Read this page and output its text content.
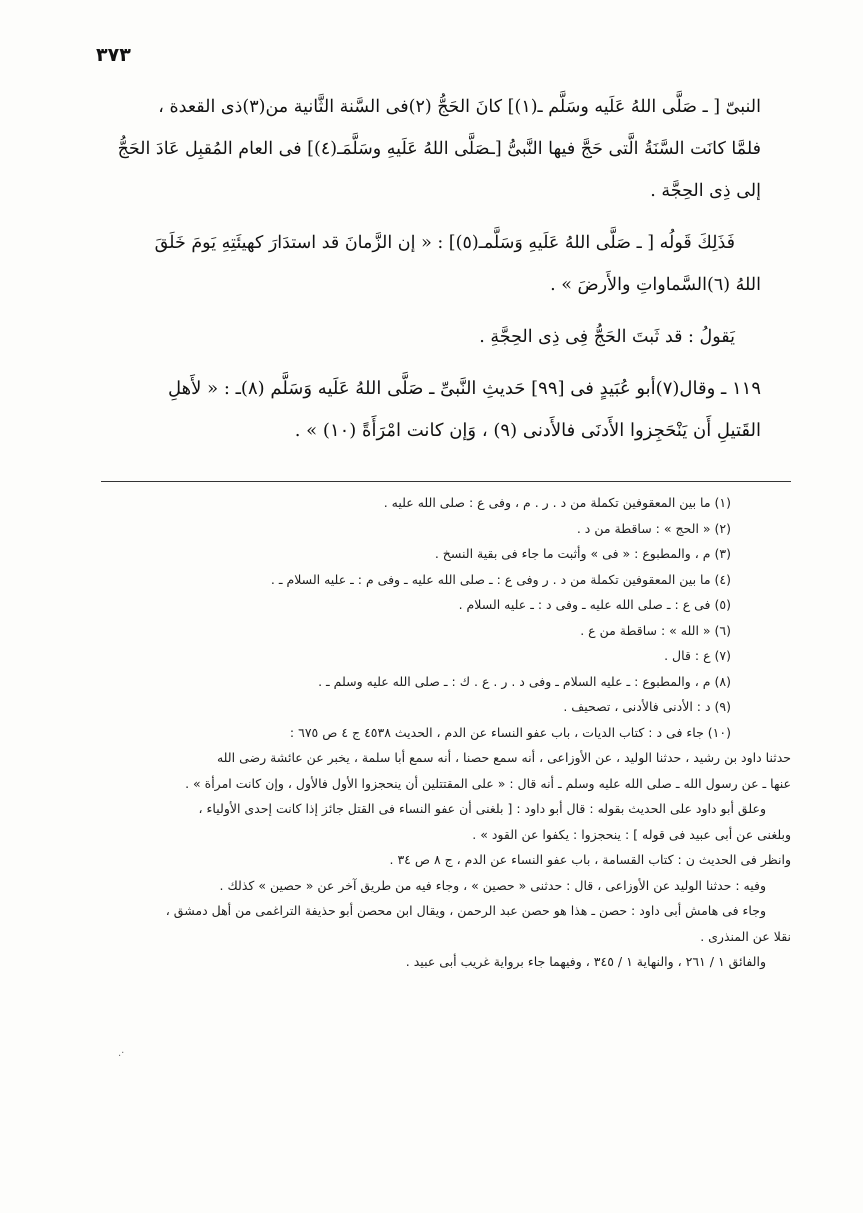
٣٧٣

النبىّ [ ـ صَلَّى اللهُ عَلَيه وسَلَّم ـ(١)] كانَ الحَجُّ (٢)فى السَّنة الثَّانية من(٣)ذى القعدة ،
فلمَّا كانَت السَّنَةُ الَّتى حَجَّ فيها النَّبىُّ [ـصَلَّى اللهُ عَلَيهِ وسَلَّمَـ(٤)] فى العام المُقبِل عَادَ الحَجُّ
إلى ذِى الحِجَّة .

فَذَلِكَ قَولُه [ ـ صَلَّى اللهُ عَلَيهِ وَسَلَّمـ(٥)] : « إن الزَّمانَ قد استدَارَ كهيئَتِهِ يَومَ خَلَقَ
اللهُ (٦)السَّماواتِ والأَرضَ » .

يَقولُ : قد ثَبتَ الحَجُّ فِى ذِى الحِجَّةِ .

١١٩ ـ وقال(٧)أبو عُبَيدٍ فى [٩٩] حَديثِ النَّبىِّ ـ صَلَّى اللهُ عَلَيه وَسَلَّم (٨)ـ : « لأَهلِ
القَتيلِ أَن يَنْحَجِزوا الأَدنَى فالأَدنى (٩) ، وَإن كانت امْرَأَةً (١٠) » .

(١) ما بين المعقوفين تكملة من د . ر . م ، وفى ع : صلى الله عليه .

(٢) « الحج » : ساقطة من د .

(٣) م ، والمطبوع : « فى » وأثبت ما جاء فى بقية النسخ .

(٤) ما بين المعقوفين تكملة من د . ر وفى ع : ـ صلى الله عليه ـ وفى م : ـ عليه السلام ـ .

(٥) فى ع : ـ صلى الله عليه ـ وفى د : ـ عليه السلام .

(٦) « الله » : ساقطة من ع .

(٧) ع : قال .

(٨) م ، والمطبوع : ـ عليه السلام ـ وفى د . ر . ع . ك : ـ صلى الله عليه وسلم ـ .

(٩) د : الأدنى فالأدنى ، تصحيف .

(١٠) جاء فى د : كتاب الديات ، باب عفو النساء عن الدم ، الحديث ٤٥٣٨ ج ٤ ص ٦٧٥ :

حدثنا داود بن رشيد ، حدثنا الوليد ، عن الأوزاعى ، أنه سمع حصنا ، أنه سمع أبا سلمة ، يخبر عن عائشة رضى الله

عنها ـ عن رسول الله ـ صلى الله عليه وسلم ـ أنه قال : « على المقتتلين أن ينحجزوا الأول فالأول ، وإن كانت امرأة » .

وعلق أبو داود على الحديث بقوله : قال أبو داود : [ بلغنى أن عفو النساء فى القتل جائز إذا كانت إحدى الأولياء ،

وبلغنى عن أبى عبيد فى قوله ] : ينحجزوا : يكفوا عن القود » .

وانظر فى الحديث ن : كتاب القسامة ، باب عفو النساء عن الدم ، ج ٨ ص ٣٤ .

وفيه : حدثنا الوليد عن الأوزاعى ، قال : حدثنى « حصين » ، وجاء فيه من طريق آخر عن « حصين » كذلك .

وجاء فى هامش أبى داود : حصن ـ هذا هو حصن عبد الرحمن ، ويقال ابن محصن أبو حذيفة التراغمى من أهل دمشق ،

نقلا عن المنذرى .

والفائق ١ / ٢٦١ ، والنهاية ١ / ٣٤٥ ، وفيهما جاء برواية غريب أبى عبيد .

·.
